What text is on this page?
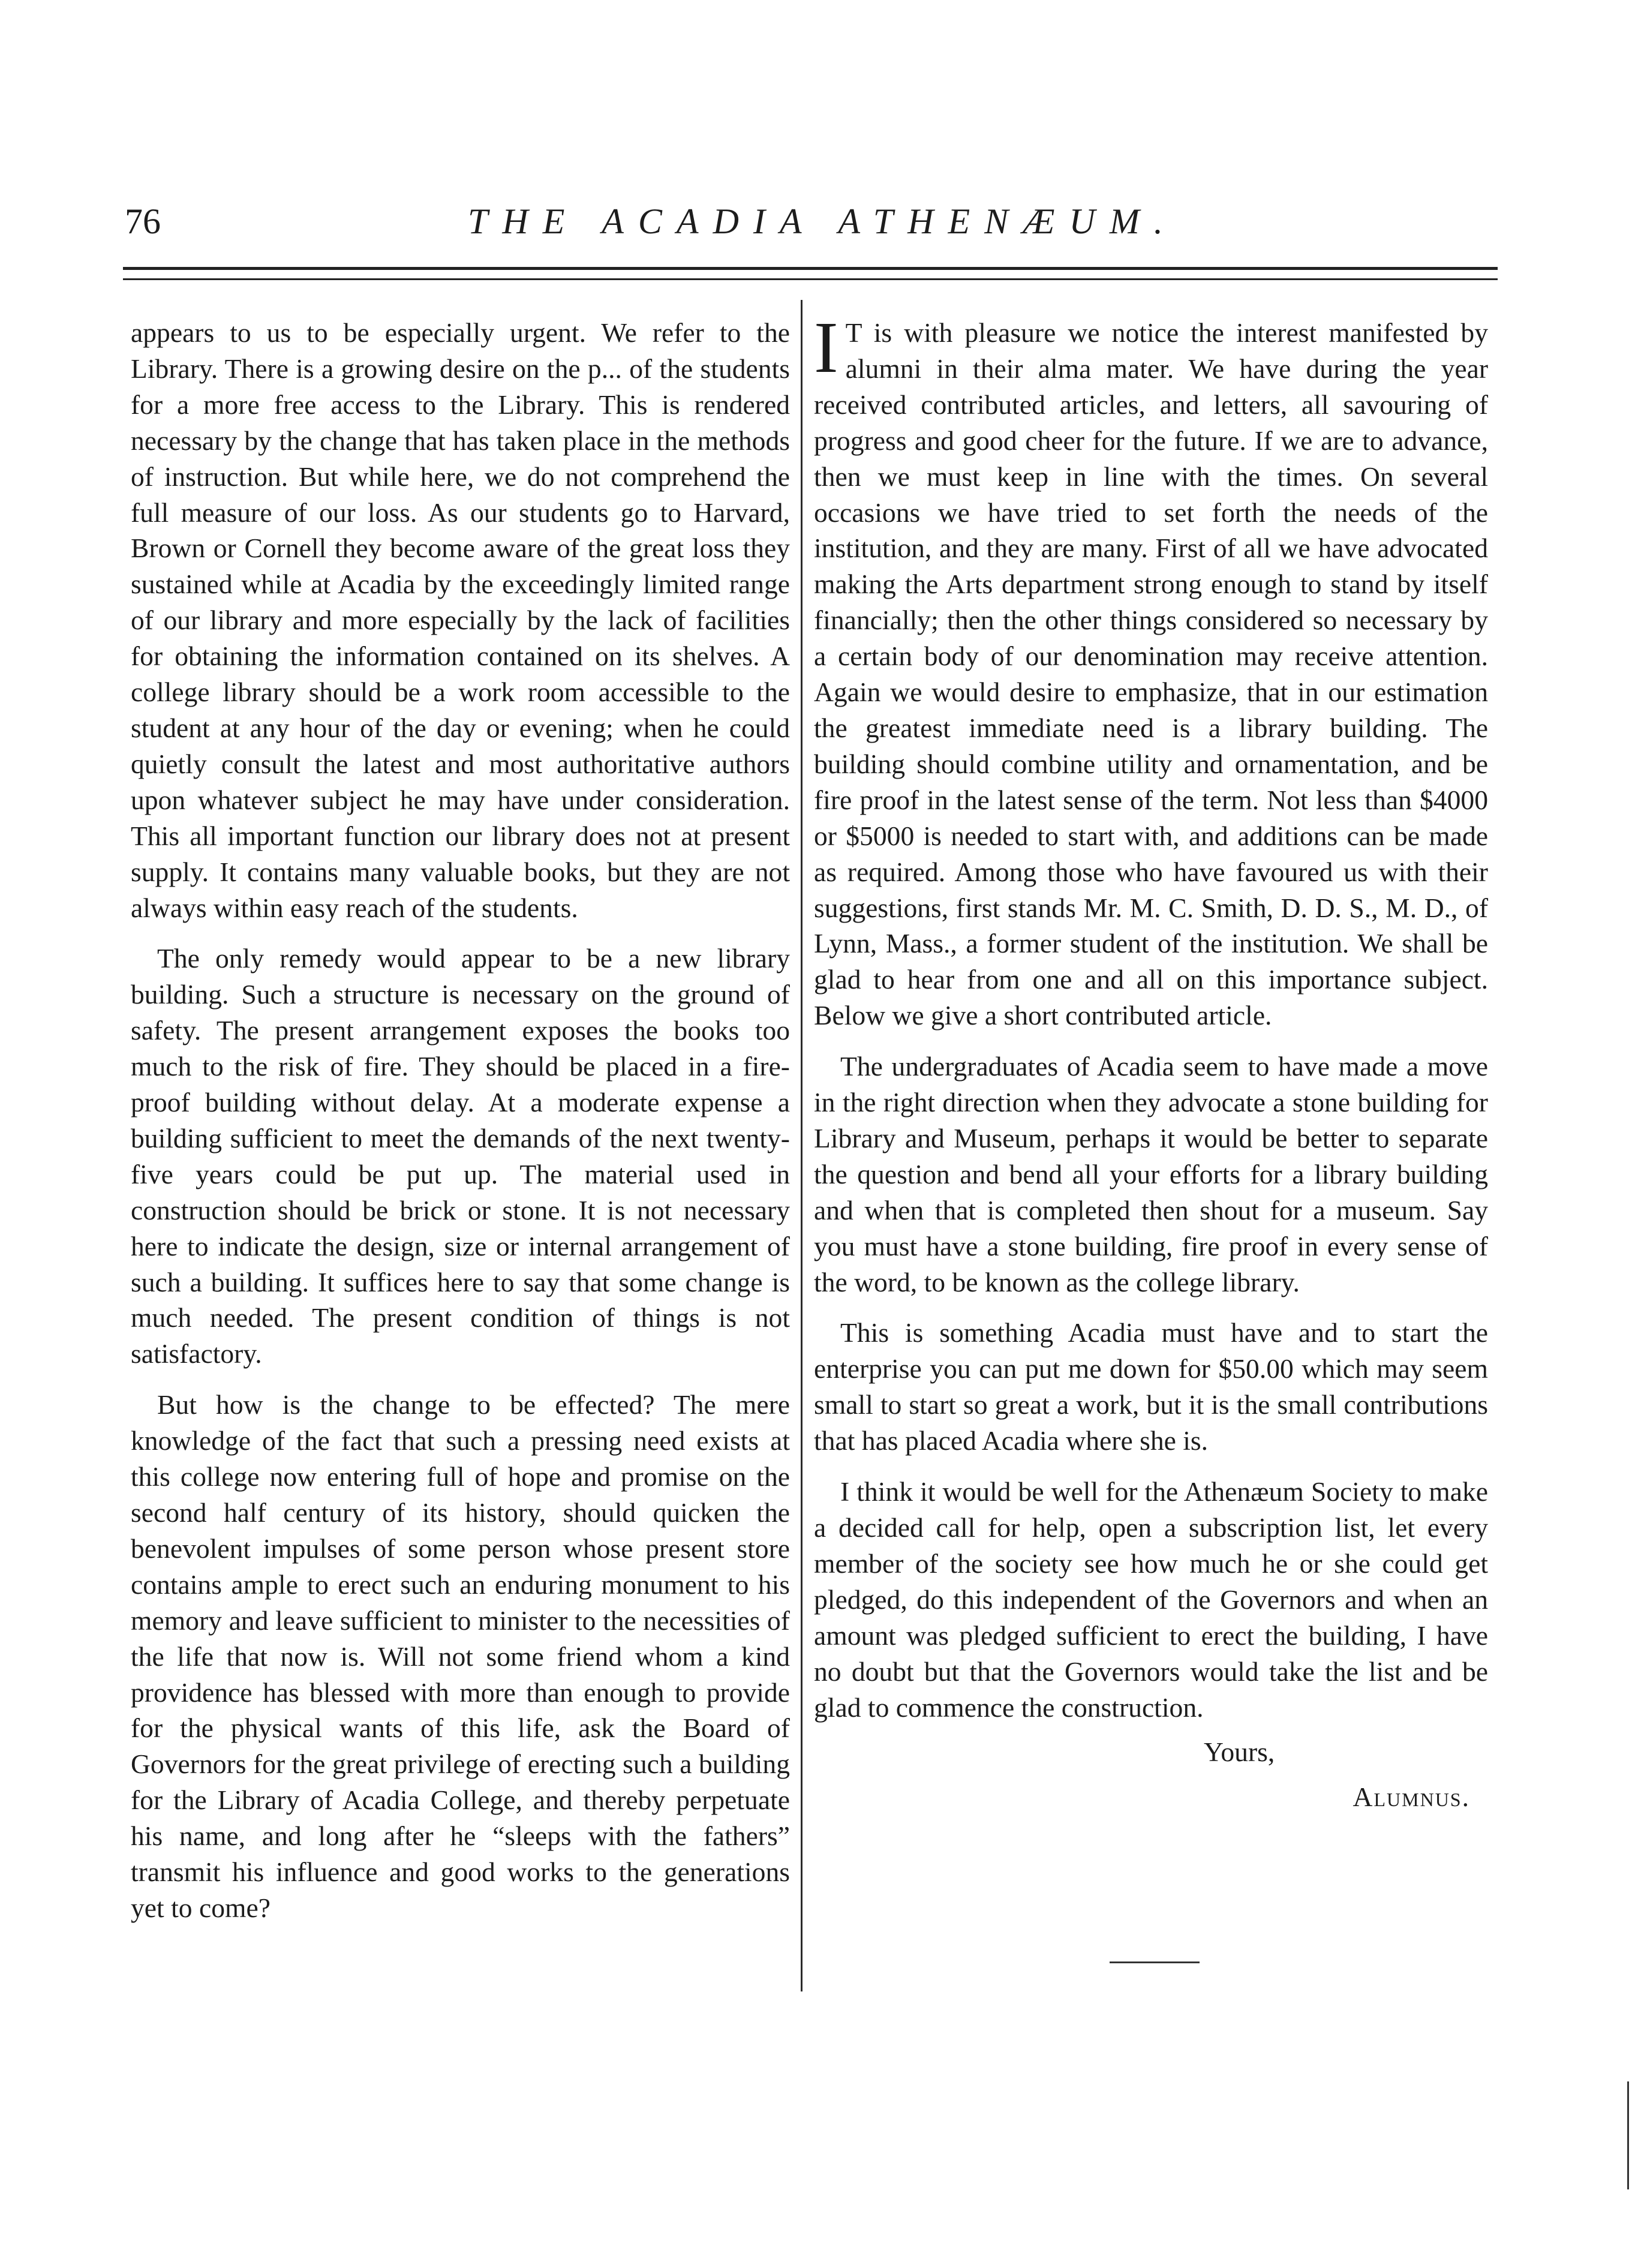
76	THE ACADIA ATHENÆUM.

appears to us to be especially urgent. We refer to the Library. There is a growing desire on the p... of the students for a more free access to the Library. This is rendered necessary by the change that has taken place in the methods of instruction. But while here, we do not comprehend the full measure of our loss. As our students go to Harvard, Brown or Cornell they become aware of the great loss they sustained while at Acadia by the exceedingly limited range of our library and more especially by the lack of facilities for obtaining the information contained on its shelves. A college library should be a work room accessible to the student at any hour of the day or evening; when he could quietly consult the latest and most authoritative authors upon whatever subject he may have under consideration. This all important function our library does not at present supply. It contains many valuable books, but they are not always within easy reach of the students.

The only remedy would appear to be a new library building. Such a structure is necessary on the ground of safety. The present arrangement exposes the books too much to the risk of fire. They should be placed in a fire-proof building without delay. At a moderate expense a building sufficient to meet the demands of the next twenty-five years could be put up. The material used in construction should be brick or stone. It is not necessary here to indicate the design, size or internal arrangement of such a building. It suffices here to say that some change is much needed. The present condition of things is not satisfactory.

But how is the change to be effected? The mere knowledge of the fact that such a pressing need exists at this college now entering full of hope and promise on the second half century of its history, should quicken the benevolent impulses of some person whose present store contains ample to erect such an enduring monument to his memory and leave sufficient to minister to the necessities of the life that now is. Will not some friend whom a kind providence has blessed with more than enough to provide for the physical wants of this life, ask the Board of Governors for the great privilege of erecting such a building for the Library of Acadia College, and thereby perpetuate his name, and long after he “sleeps with the fathers” transmit his influence and good works to the generations yet to come?

I T is with pleasure we notice the interest manifested by alumni in their alma mater. We have during the year received contributed articles, and letters, all savouring of progress and good cheer for the future. If we are to advance, then we must keep in line with the times. On several occasions we have tried to set forth the needs of the institution, and they are many. First of all we have advocated making the Arts department strong enough to stand by itself financially; then the other things considered so necessary by a certain body of our denomination may receive attention. Again we would desire to emphasize, that in our estimation the greatest immediate need is a library building. The building should combine utility and ornamentation, and be fire proof in the latest sense of the term. Not less than $4000 or $5000 is needed to start with, and additions can be made as required. Among those who have favoured us with their suggestions, first stands Mr. M. C. Smith, D. D. S., M. D., of Lynn, Mass., a former student of the institution. We shall be glad to hear from one and all on this importance subject. Below we give a short contributed article.

The undergraduates of Acadia seem to have made a move in the right direction when they advocate a stone building for Library and Museum, perhaps it would be better to separate the question and bend all your efforts for a library building and when that is completed then shout for a museum. Say you must have a stone building, fire proof in every sense of the word, to be known as the college library.

This is something Acadia must have and to start the enterprise you can put me down for $50.00 which may seem small to start so great a work, but it is the small contributions that has placed Acadia where she is.

I think it would be well for the Athenæum Society to make a decided call for help, open a subscription list, let every member of the society see how much he or she could get pledged, do this independent of the Governors and when an amount was pledged sufficient to erect the building, I have no doubt but that the Governors would take the list and be glad to commence the construction.

Yours,
Alumnus.
